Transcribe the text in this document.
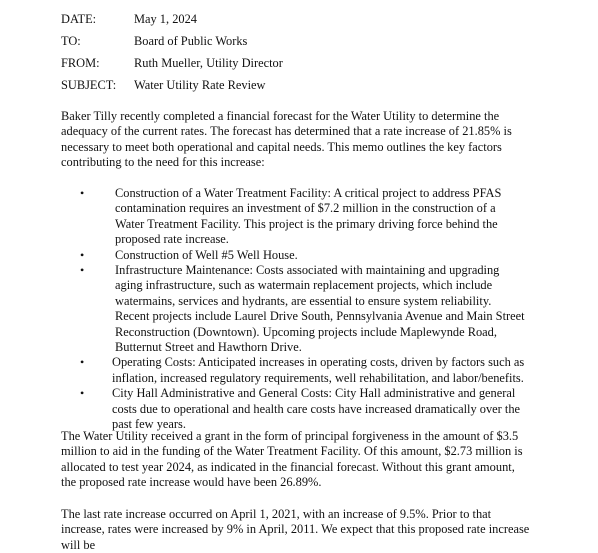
DATE:	May 1, 2024
TO:	Board of Public Works
FROM:	Ruth Mueller, Utility Director
SUBJECT:	Water Utility Rate Review

Baker Tilly recently completed a financial forecast for the Water Utility to determine the adequacy of the current rates. The forecast has determined that a rate increase of 21.85% is necessary to meet both operational and capital needs. This memo outlines the key factors contributing to the need for this increase:

• Construction of a Water Treatment Facility: A critical project to address PFAS contamination requires an investment of $7.2 million in the construction of a Water Treatment Facility. This project is the primary driving force behind the proposed rate increase.
• Construction of Well #5 Well House.
• Infrastructure Maintenance: Costs associated with maintaining and upgrading aging infrastructure, such as watermain replacement projects, which include watermains, services and hydrants, are essential to ensure system reliability. Recent projects include Laurel Drive South, Pennsylvania Avenue and Main Street Reconstruction (Downtown). Upcoming projects include Maplewynde Road, Butternut Street and Hawthorn Drive.
• Operating Costs: Anticipated increases in operating costs, driven by factors such as inflation, increased regulatory requirements, well rehabilitation, and labor/benefits.
• City Hall Administrative and General Costs: City Hall administrative and general costs due to operational and health care costs have increased dramatically over the past few years.

The Water Utility received a grant in the form of principal forgiveness in the amount of $3.5 million to aid in the funding of the Water Treatment Facility. Of this amount, $2.73 million is allocated to test year 2024, as indicated in the financial forecast. Without this grant amount, the proposed rate increase would have been 26.89%.

The last rate increase occurred on April 1, 2021, with an increase of 9.5%. Prior to that increase, rates were increased by 9% in April, 2011. We expect that this proposed rate increase will be
